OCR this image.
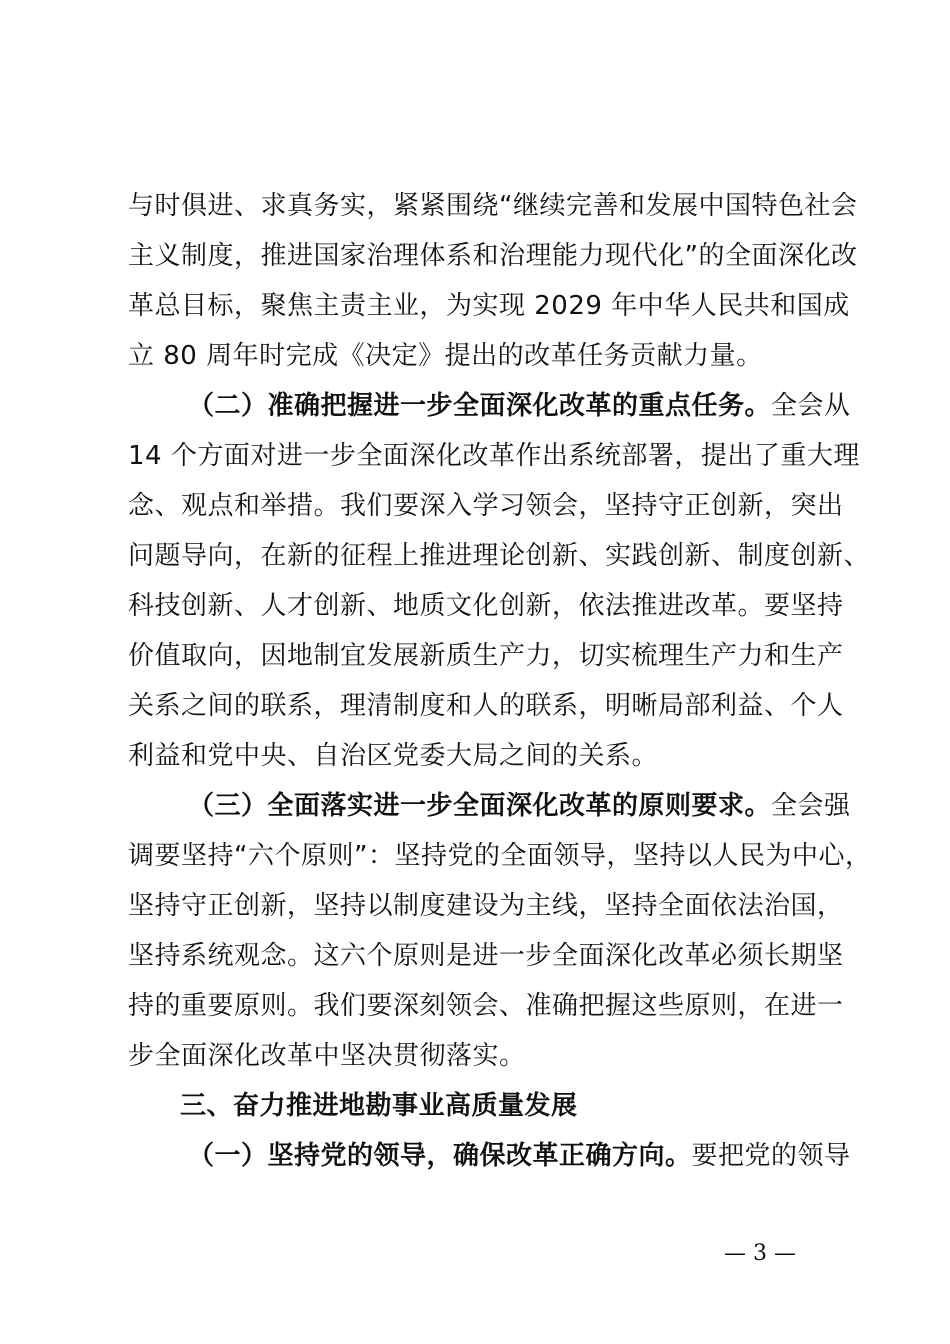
与时俱进、求真务实，紧紧围绕“继续完善和发展中国特色社会
主义制度，推进国家治理体系和治理能力现代化”的全面深化改
革总目标，聚焦主责主业，为实现 2029 年中华人民共和国成
立 80 周年时完成《决定》提出的改革任务贡献力量。
（二）准确把握进一步全面深化改革的重点任务。全会从
14 个方面对进一步全面深化改革作出系统部署，提出了重大理
念、观点和举措。我们要深入学习领会，坚持守正创新，突出
问题导向，在新的征程上推进理论创新、实践创新、制度创新、
科技创新、人才创新、地质文化创新，依法推进改革。要坚持
价值取向，因地制宜发展新质生产力，切实梳理生产力和生产
关系之间的联系，理清制度和人的联系，明晰局部利益、个人
利益和党中央、自治区党委大局之间的关系。
（三）全面落实进一步全面深化改革的原则要求。全会强
调要坚持“六个原则”：坚持党的全面领导，坚持以人民为中心，
坚持守正创新，坚持以制度建设为主线，坚持全面依法治国，
坚持系统观念。这六个原则是进一步全面深化改革必须长期坚
持的重要原则。我们要深刻领会、准确把握这些原则，在进一
步全面深化改革中坚决贯彻落实。
三、奋力推进地勘事业高质量发展
（一）坚持党的领导，确保改革正确方向。要把党的领导
— 3 —
